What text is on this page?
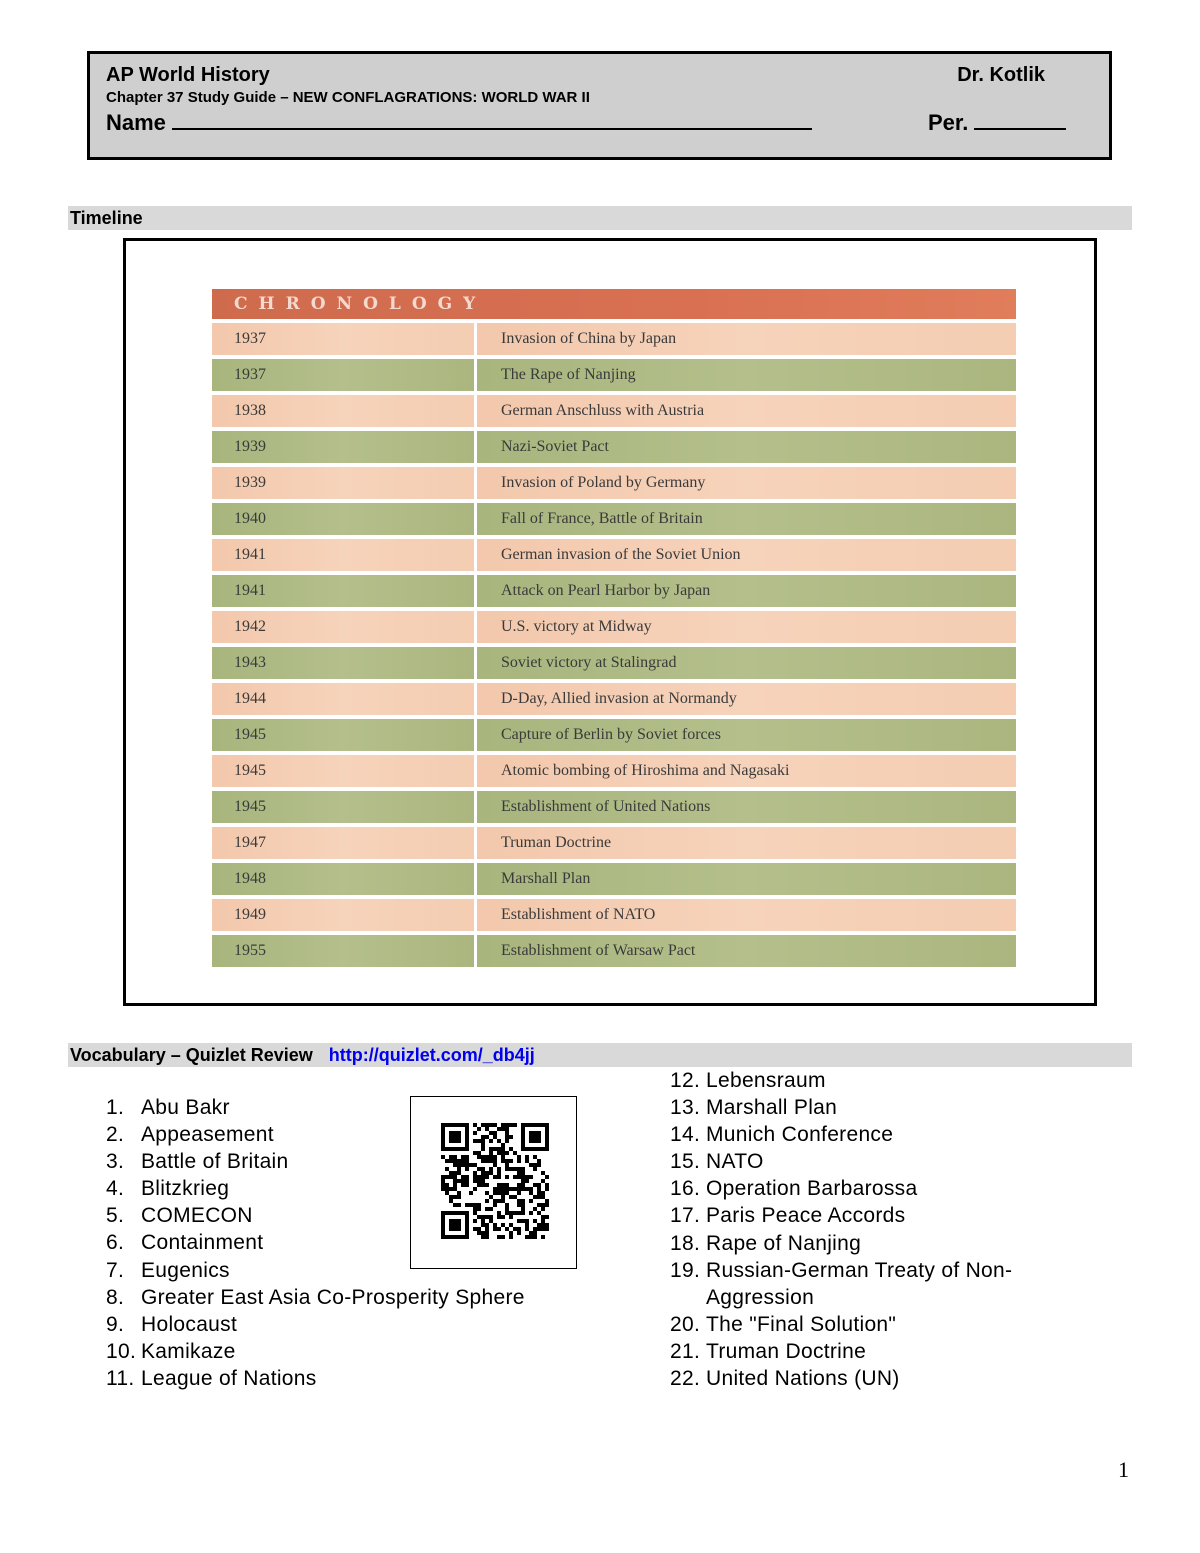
AP World History	Dr. Kotlik
Chapter 37 Study Guide – NEW CONFLAGRATIONS: WORLD WAR II
Name	Per.
Timeline
CHRONOLOGY
1937	Invasion of China by Japan
1937	The Rape of Nanjing
1938	German Anschluss with Austria
1939	Nazi-Soviet Pact
1939	Invasion of Poland by Germany
1940	Fall of France, Battle of Britain
1941	German invasion of the Soviet Union
1941	Attack on Pearl Harbor by Japan
1942	U.S. victory at Midway
1943	Soviet victory at Stalingrad
1944	D-Day, Allied invasion at Normandy
1945	Capture of Berlin by Soviet forces
1945	Atomic bombing of Hiroshima and Nagasaki
1945	Establishment of United Nations
1947	Truman Doctrine
1948	Marshall Plan
1949	Establishment of NATO
1955	Establishment of Warsaw Pact
Vocabulary – Quizlet Review http://quizlet.com/_db4jj
1. Abu Bakr
2. Appeasement
3. Battle of Britain
4. Blitzkrieg
5. COMECON
6. Containment
7. Eugenics
8. Greater East Asia Co-Prosperity Sphere
9. Holocaust
10. Kamikaze
11. League of Nations
12. Lebensraum
13. Marshall Plan
14. Munich Conference
15. NATO
16. Operation Barbarossa
17. Paris Peace Accords
18. Rape of Nanjing
19. Russian-German Treaty of Non-
Aggression
20. The "Final Solution"
21. Truman Doctrine
22. United Nations (UN)
1
